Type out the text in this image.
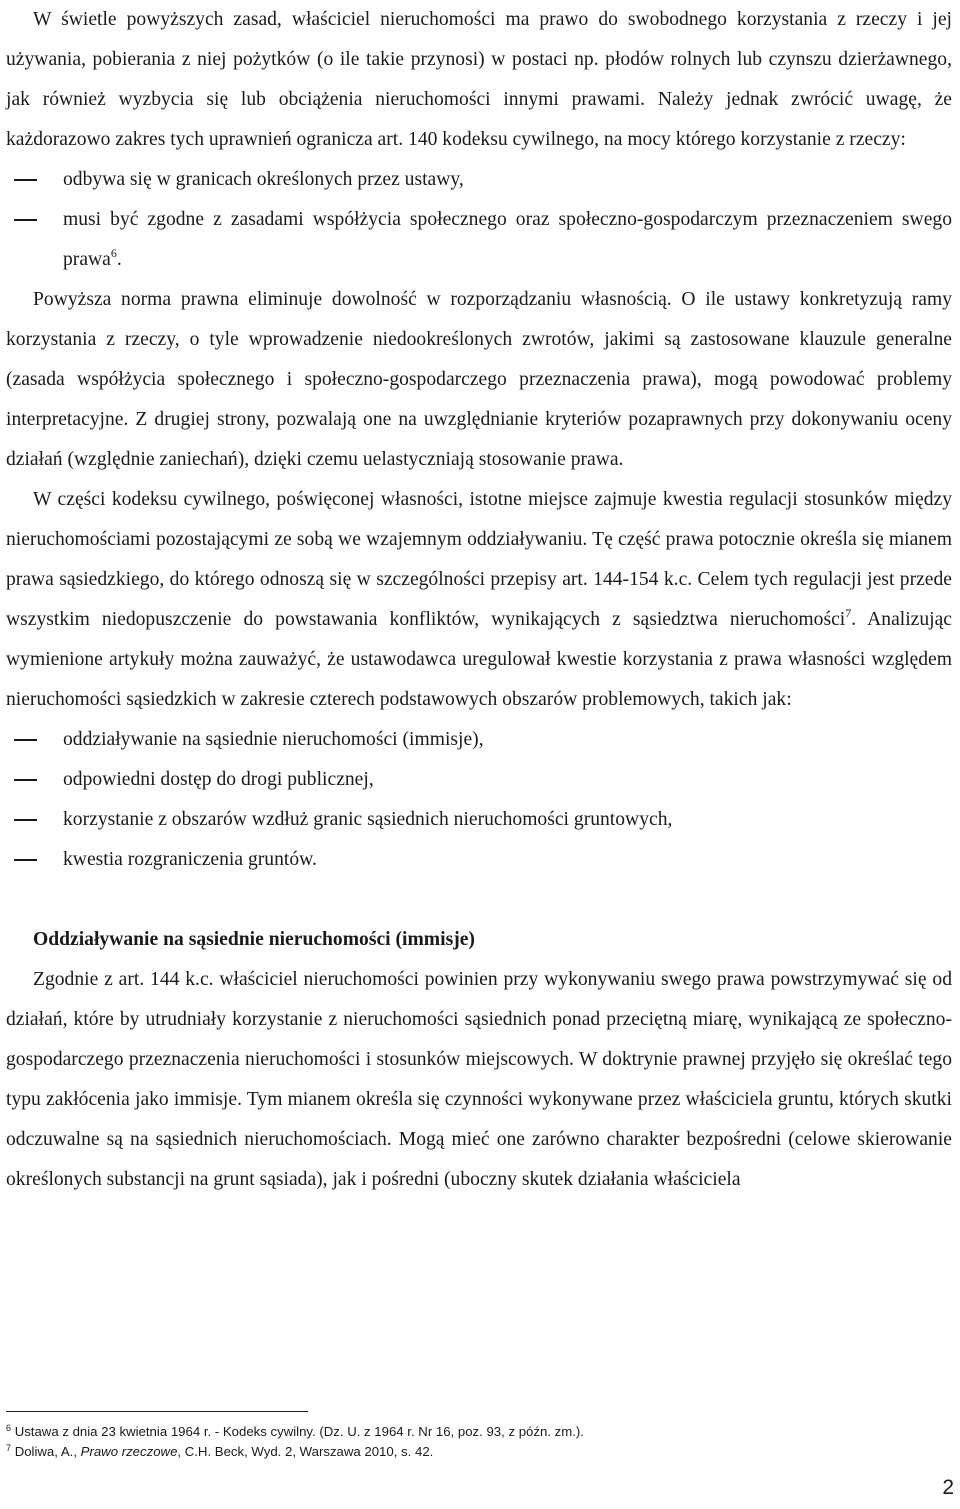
W świetle powyższych zasad, właściciel nieruchomości ma prawo do swobodnego korzystania z rzeczy i jej używania, pobierania z niej pożytków (o ile takie przynosi) w postaci np. płodów rolnych lub czynszu dzierżawnego, jak również wyzbycia się lub obciążenia nieruchomości innymi prawami. Należy jednak zwrócić uwagę, że każdorazowo zakres tych uprawnień ogranicza art. 140 kodeksu cywilnego, na mocy którego korzystanie z rzeczy:

odbywa się w granicach określonych przez ustawy,
musi być zgodne z zasadami współżycia społecznego oraz społeczno-gospodarczym przeznaczeniem swego prawa$^6$.

Powyższa norma prawna eliminuje dowolność w rozporządzaniu własnością. O ile ustawy konkretyzują ramy korzystania z rzeczy, o tyle wprowadzenie niedookreślonych zwrotów, jakimi są zastosowane klauzule generalne (zasada współżycia społecznego i społeczno-gospodarczego przeznaczenia prawa), mogą powodować problemy interpretacyjne. Z drugiej strony, pozwalają one na uwzględnianie kryteriów pozaprawnych przy dokonywaniu oceny działań (względnie zaniechań), dzięki czemu uelastyczniają stosowanie prawa.

W części kodeksu cywilnego, poświęconej własności, istotne miejsce zajmuje kwestia regulacji stosunków między nieruchomościami pozostającymi ze sobą we wzajemnym oddziaływaniu. Tę część prawa potocznie określa się mianem prawa sąsiedzkiego, do którego odnoszą się w szczególności przepisy art. 144-154 k.c. Celem tych regulacji jest przede wszystkim niedopuszczenie do powstawania konfliktów, wynikających z sąsiedztwa nieruchomości$^7$. Analizując wymienione artykuły można zauważyć, że ustawodawca uregulował kwestie korzystania z prawa własności względem nieruchomości sąsiedzkich w zakresie czterech podstawowych obszarów problemowych, takich jak:

oddziaływanie na sąsiednie nieruchomości (immisje),
odpowiedni dostęp do drogi publicznej,
korzystanie z obszarów wzdłuż granic sąsiednich nieruchomości gruntowych,
kwestia rozgraniczenia gruntów.

Oddziaływanie na sąsiednie nieruchomości (immisje)

Zgodnie z art. 144 k.c. właściciel nieruchomości powinien przy wykonywaniu swego prawa powstrzymywać się od działań, które by utrudniały korzystanie z nieruchomości sąsiednich ponad przeciętną miarę, wynikającą ze społeczno-gospodarczego przeznaczenia nieruchomości i stosunków miejscowych. W doktrynie prawnej przyjęło się określać tego typu zakłócenia jako immisje. Tym mianem określa się czynności wykonywane przez właściciela gruntu, których skutki odczuwalne są na sąsiednich nieruchomościach. Mogą mieć one zarówno charakter bezpośredni (celowe skierowanie określonych substancji na grunt sąsiada), jak i pośredni (uboczny skutek działania właściciela

$^6$ Ustawa z dnia 23 kwietnia 1964 r. - Kodeks cywilny. (Dz. U. z 1964 r. Nr 16, poz. 93, z późn. zm.).
$^7$ Doliwa, A., Prawo rzeczowe, C.H. Beck, Wyd. 2, Warszawa 2010, s. 42.
2
